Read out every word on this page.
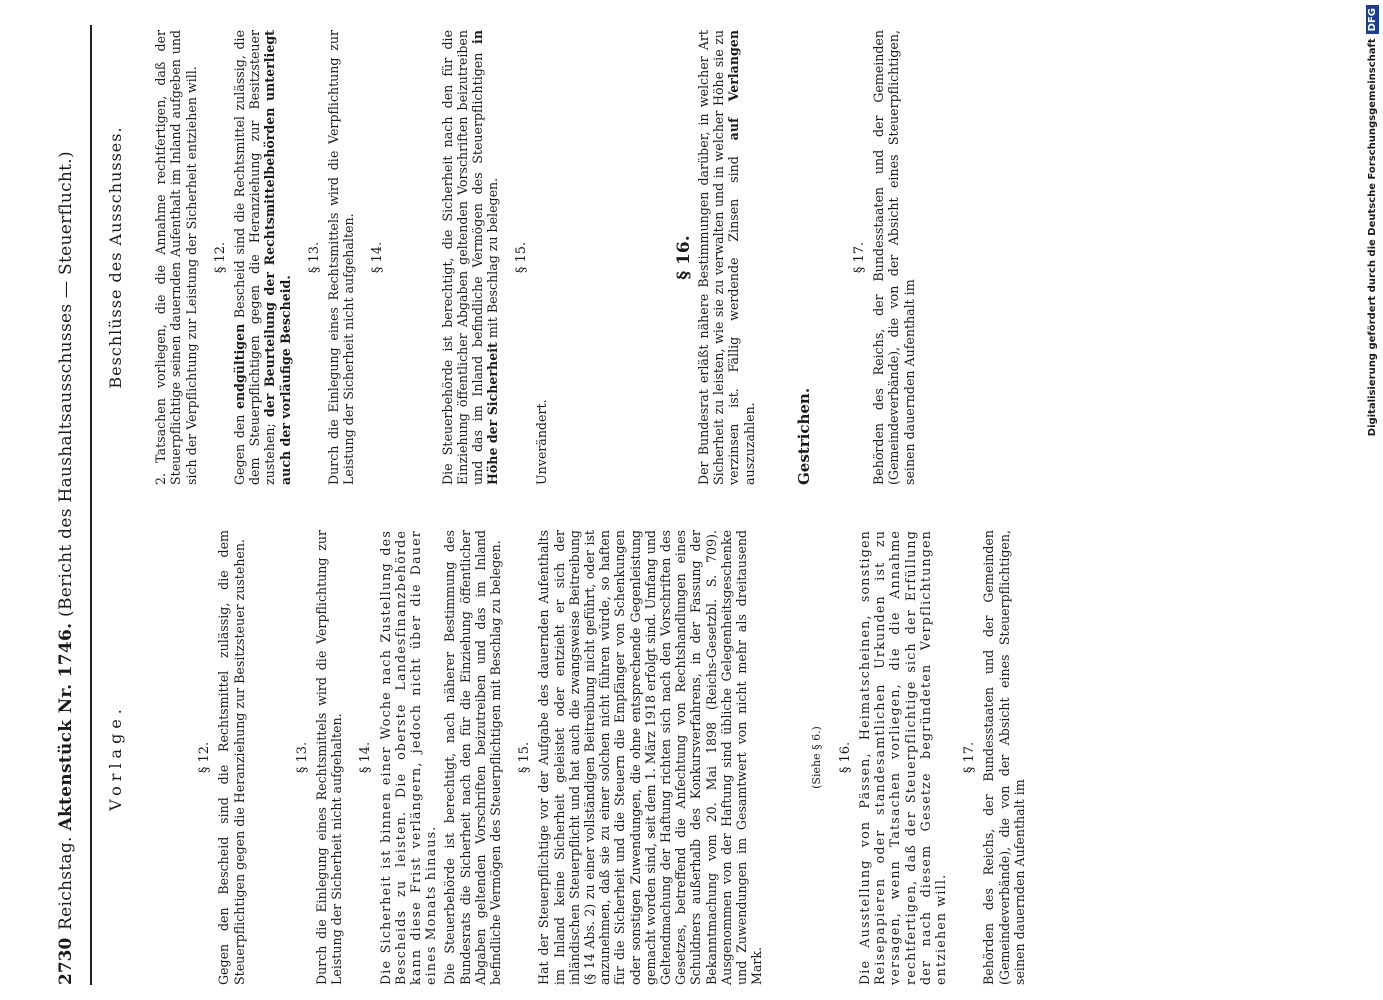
2730
Reichstag. Aktenstück Nr. 1746. (Bericht des Haushaltsausschusses — Steuerflucht.)
Vorlage.	§ 12. Gegen den Bescheid sind die Rechtsmittel zulässig, die dem Steuerpflichtigen gegen die Heranziehung zur Besitzsteuer zustehen.	§ 13. Durch die Einlegung eines Rechtsmittels wird die Verpflichtung zur Leistung der Sicherheit nicht aufgehalten. § 14. Die Sicherheit ist binnen einer Woche nach Zustellung des Bescheids zu leisten. Die oberste Landesfinanzbehörde kann diese Frist verlängern, jedoch nicht über die Dauer eines Monats hinaus. Die Steuerbehörde ist berechtigt, nach näherer Bestimmung des Bundesrats die Sicherheit nach den für die Einziehung öffentlicher Abgaben geltenden Vorschriften beizutreiben und das im Inland befindliche Vermögen des Steuerpflichtigen mit Beschlag zu belegen. § 15. Hat der Steuerpflichtige vor der Aufgabe des dauernden Aufenthalts im Inland keine Sicherheit geleistet oder entzieht er sich der inländischen Steuerpflicht und hat auch die zwangsweise Beitreibung (§ 14 Abs. 2) zu einer vollständigen Beitreibung nicht geführt, oder ist anzunehmen, daß sie zu einer solchen nicht führen würde, so haften für die Sicherheit und die Steuern die Empfänger von Schenkungen oder sonstigen Zuwendungen, die ohne entsprechende Gegenleistung gemacht worden sind, seit dem 1. März 1918 erfolgt sind. Umfang und Geltendmachung der Haftung richten sich nach den Vorschriften des Gesetzes, betreffend die Anfechtung von Rechtshandlungen eines Schuldners außerhalb des Konkursverfahrens, in der Fassung der Bekanntmachung vom 20. Mai 1898 (Reichs-Gesetzbl. S. 709). Ausgenommen von der Haftung sind übliche Gelegenheitsgeschenke und Zuwendungen im Gesamtwert von nicht mehr als dreitausend Mark.

(Siehe § 6.) § 16. Die Ausstellung von Pässen, Heimatscheinen, sonstigen Reisepapieren oder standesamtlichen Urkunden ist zu versagen, wenn Tatsachen vorliegen, die die Annahme rechtfertigen, daß der Steuerpflichtige sich der Erfüllung der nach diesem Gesetze begründeten Verpflichtungen entziehen will.

§ 17. Behörden des Reichs, der Bundesstaaten und der Gemeinden (Gemeindeverbände), die von der Absicht eines Steuerpflichtigen, seinen dauernden Aufenthalt im

Beschlüsse des Ausschusses. 2. Tatsachen vorliegen, die die Annahme rechtfertigen, daß der Steuerpflichtige seinen dauernden Aufenthalt im Inland aufgeben und sich der Verpflichtung zur Leistung der Sicherheit entziehen will. § 12.

Gegen den endgültigen Bescheid sind die Rechtsmittel zulässig, die dem Steuerpflichtigen gegen die Heranziehung zur Besitzsteuer zustehen; der Beurteilung der Rechtsmittelbehörden unterliegt auch der vorläufige Bescheid.

§ 13. Durch die Einlegung eines Rechtsmittels wird die Verpflichtung zur Leistung der Sicherheit nicht aufgehalten. § 14.	Die Steuerbehörde ist berechtigt, die Sicherheit nach den für die Einziehung öffentlicher Abgaben geltenden Vorschriften beizutreiben und das im Inland befindliche Vermögen des Steuerpflichtigen in Höhe der Sicherheit mit Beschlag zu belegen. § 15.

Unverändert.

§ 16. Der Bundesrat erläßt nähere Bestimmungen darüber, in welcher Art Sicherheit zu leisten, wie sie zu verwalten und in welcher Höhe sie zu verzinsen ist. Fällig werdende Zinsen sind auf Verlangen auszuzahlen.	Gestrichen.
§ 17. Behörden des Reichs, der Bundesstaaten und der Gemeinden (Gemeindeverbände), die von der Absicht eines Steuerpflichtigen, seinen dauernden Aufenthalt im	Digitalisierung gefördert durch die Deutsche Forschungsgemeinschaft
DFG
